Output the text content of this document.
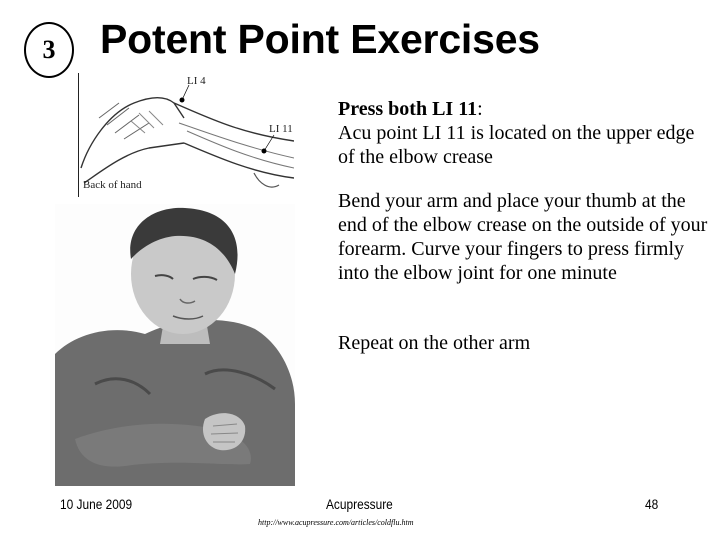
3 Potent Point Exercises
LI 4
LI 11
Back of hand
Press both LI 11:
Acu point LI 11 is located on the upper edge of the elbow crease
Bend your arm and place your thumb at the end of the elbow crease on the outside of your forearm. Curve your fingers to press firmly into the elbow joint for one minute
Repeat on the other arm
10 June 2009	Acupressure	48
http://www.acupressure.com/articles/coldflu.htm
